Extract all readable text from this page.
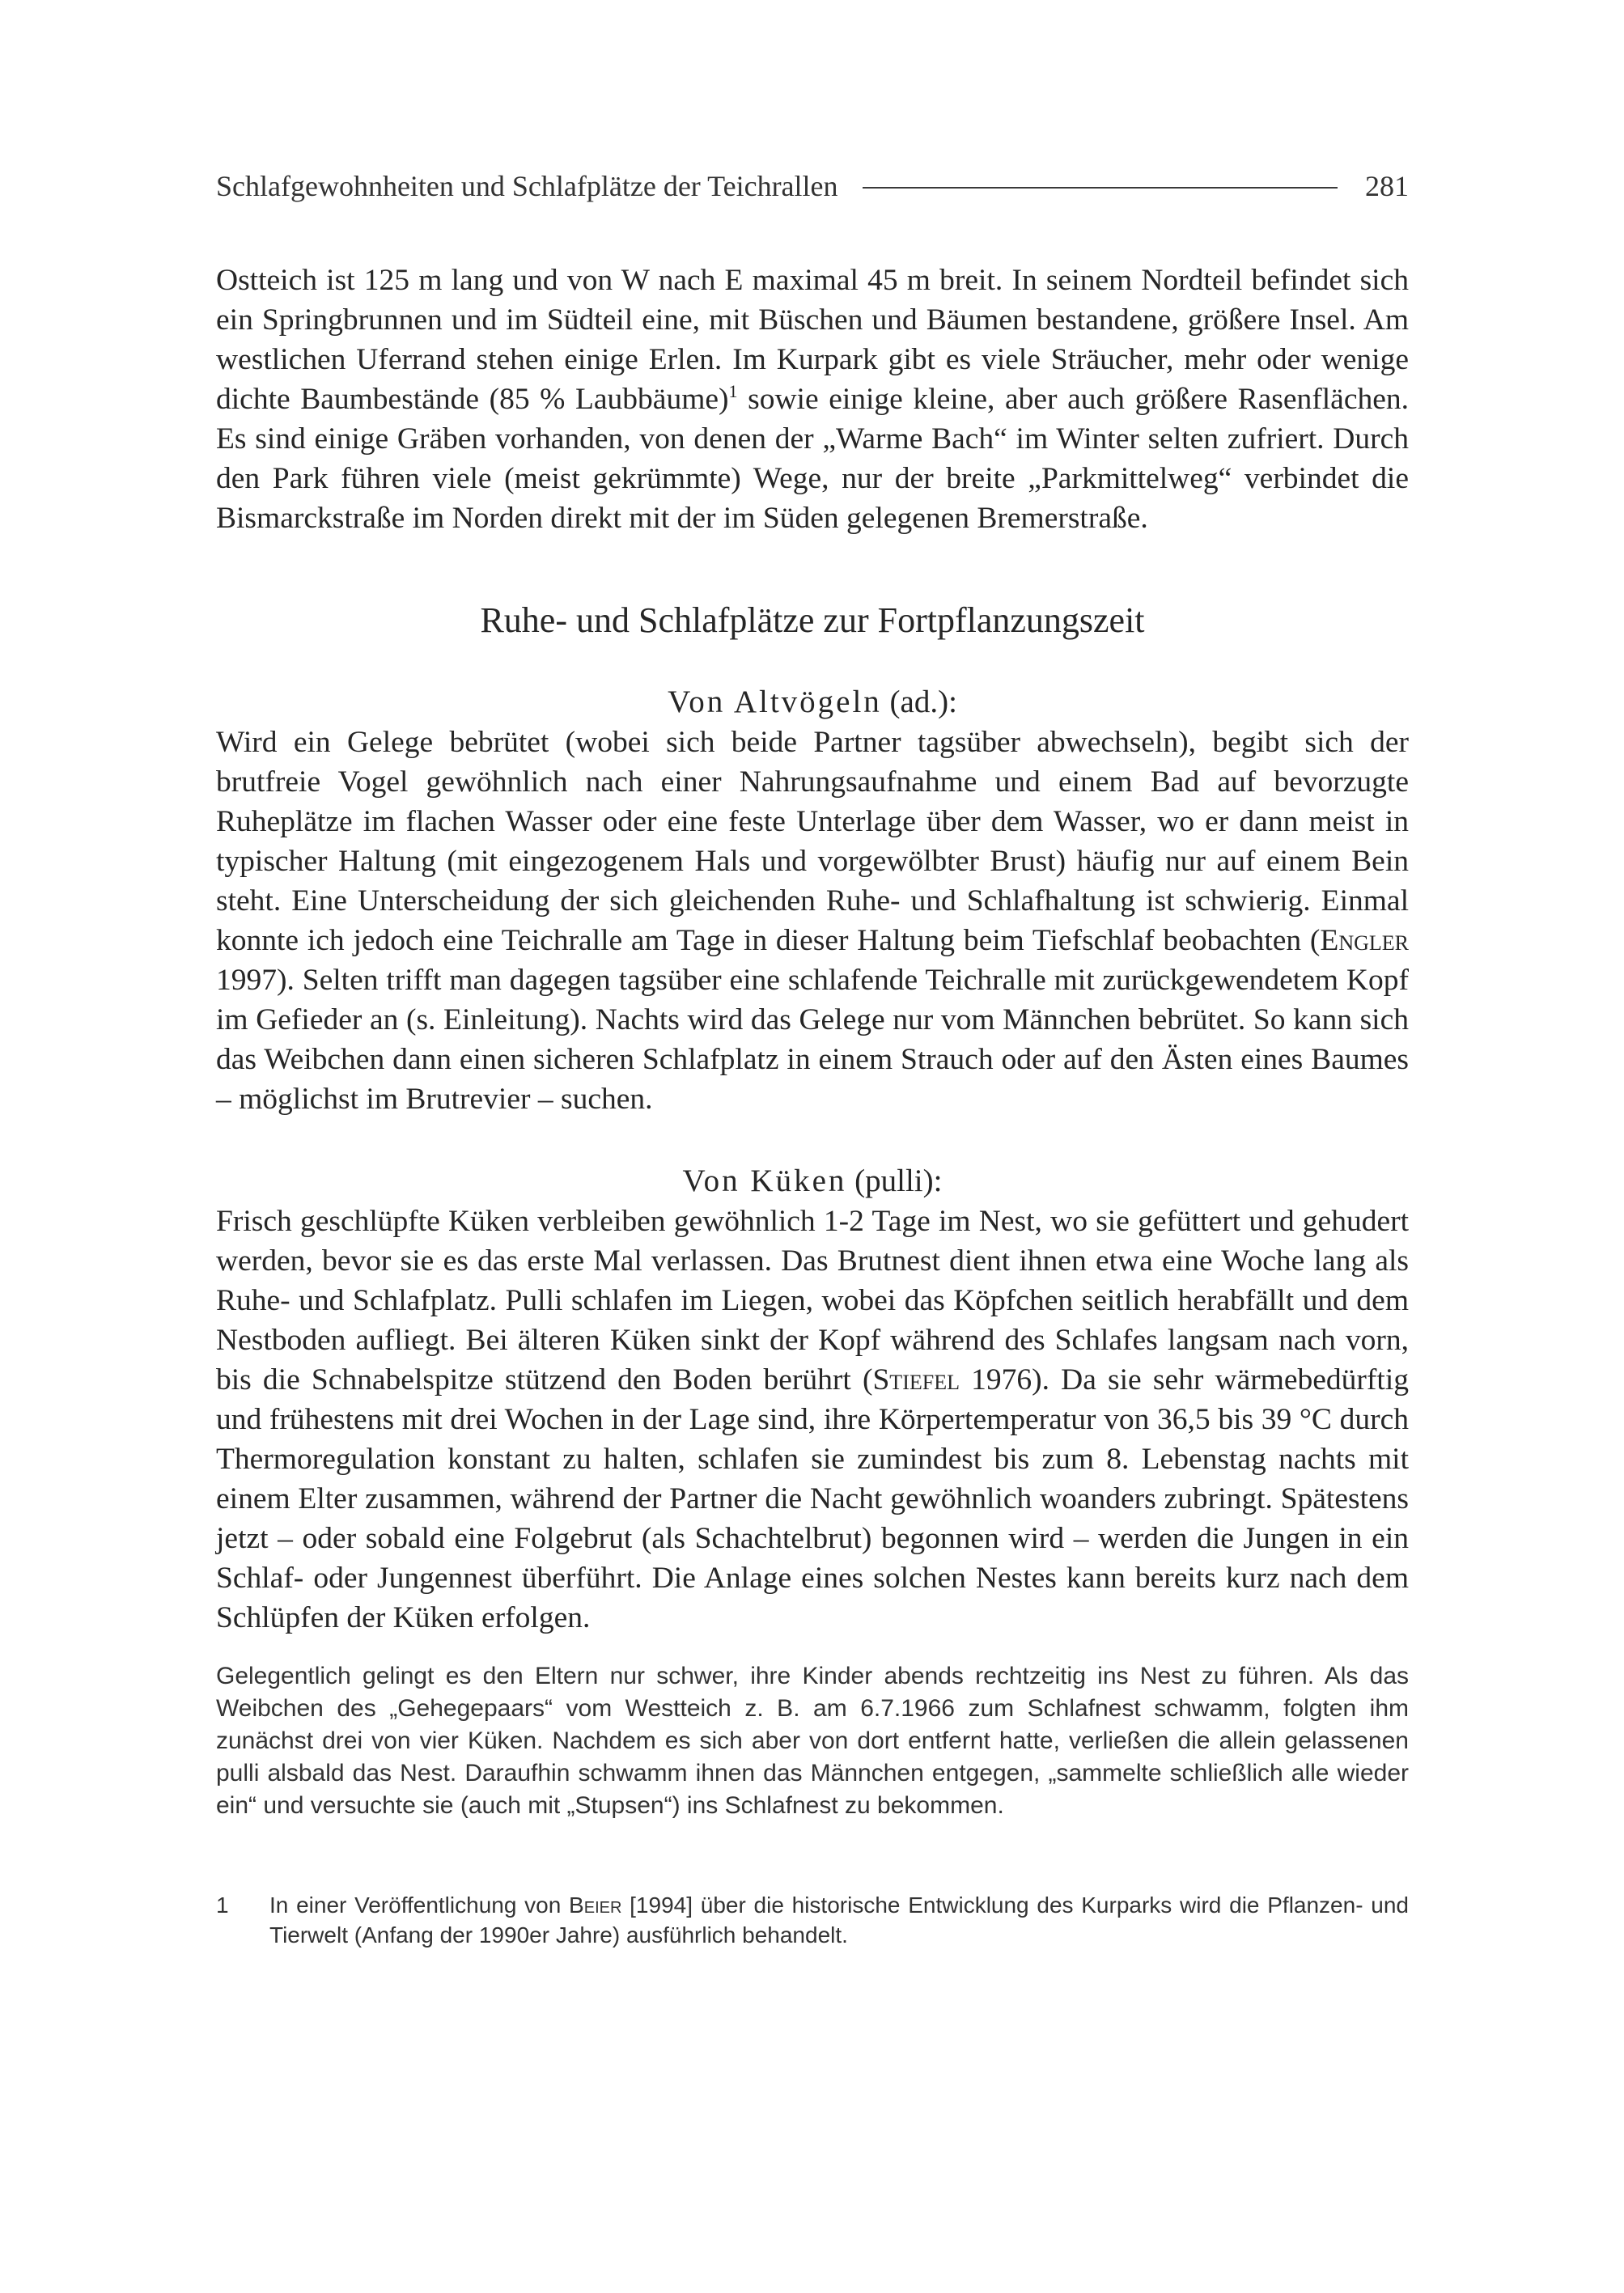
Schlafgewohnheiten und Schlafplätze der Teichrallen	281

Ostteich ist 125 m lang und von W nach E maximal 45 m breit. In seinem Nordteil befindet sich ein Springbrunnen und im Südteil eine, mit Büschen und Bäumen bestandene, größere Insel. Am westlichen Uferrand stehen einige Erlen. Im Kurpark gibt es viele Sträucher, mehr oder wenige dichte Baumbestände (85 % Laubbäume)$^1$ sowie einige kleine, aber auch größere Rasenflächen. Es sind einige Gräben vorhanden, von denen der „Warme Bach“ im Winter selten zufriert. Durch den Park führen viele (meist gekrümmte) Wege, nur der breite „Parkmittelweg“ verbindet die Bismarckstraße im Norden direkt mit der im Süden gelegenen Bremerstraße.

Ruhe- und Schlafplätze zur Fortpflanzungszeit
Von Altvögeln (ad.):

Wird ein Gelege bebrütet (wobei sich beide Partner tagsüber abwechseln), begibt sich der brutfreie Vogel gewöhnlich nach einer Nahrungsaufnahme und einem Bad auf bevorzugte Ruheplätze im flachen Wasser oder eine feste Unterlage über dem Wasser, wo er dann meist in typischer Haltung (mit eingezogenem Hals und vorgewölbter Brust) häufig nur auf einem Bein steht. Eine Unterscheidung der sich gleichenden Ruhe- und Schlafhaltung ist schwierig. Einmal konnte ich jedoch eine Teichralle am Tage in dieser Haltung beim Tiefschlaf beobachten (Engler 1997). Selten trifft man dagegen tagsüber eine schlafende Teichralle mit zurückgewendetem Kopf im Gefieder an (s. Einleitung). Nachts wird das Gelege nur vom Männchen bebrütet. So kann sich das Weibchen dann einen sicheren Schlafplatz in einem Strauch oder auf den Ästen eines Baumes – möglichst im Brutrevier – suchen.

Von Küken (pulli):

Frisch geschlüpfte Küken verbleiben gewöhnlich 1-2 Tage im Nest, wo sie gefüttert und gehudert werden, bevor sie es das erste Mal verlassen. Das Brutnest dient ihnen etwa eine Woche lang als Ruhe- und Schlafplatz. Pulli schlafen im Liegen, wobei das Köpfchen seitlich herabfällt und dem Nestboden aufliegt. Bei älteren Küken sinkt der Kopf während des Schlafes langsam nach vorn, bis die Schnabelspitze stützend den Boden berührt (Stiefel 1976). Da sie sehr wärmebedürftig und frühestens mit drei Wochen in der Lage sind, ihre Körpertemperatur von 36,5 bis 39 °C durch Thermoregulation konstant zu halten, schlafen sie zumindest bis zum 8. Lebenstag nachts mit einem Elter zusammen, während der Partner die Nacht gewöhnlich woanders zubringt. Spätestens jetzt – oder sobald eine Folgebrut (als Schachtelbrut) begonnen wird – werden die Jungen in ein Schlaf- oder Jungennest überführt. Die Anlage eines solchen Nestes kann bereits kurz nach dem Schlüpfen der Küken erfolgen.

Gelegentlich gelingt es den Eltern nur schwer, ihre Kinder abends rechtzeitig ins Nest zu führen. Als das Weibchen des „Gehegepaars“ vom Westteich z. B. am 6.7.1966 zum Schlafnest schwamm, folgten ihm zunächst drei von vier Küken. Nachdem es sich aber von dort entfernt hatte, verließen die allein gelassenen pulli alsbald das Nest. Daraufhin schwamm ihnen das Männchen entgegen, „sammelte schließlich alle wieder ein“ und versuchte sie (auch mit „Stupsen“) ins Schlafnest zu bekommen.

1	In einer Veröffentlichung von Beier [1994] über die historische Entwicklung des Kurparks wird die Pflanzen- und Tierwelt (Anfang der 1990er Jahre) ausführlich behandelt.
